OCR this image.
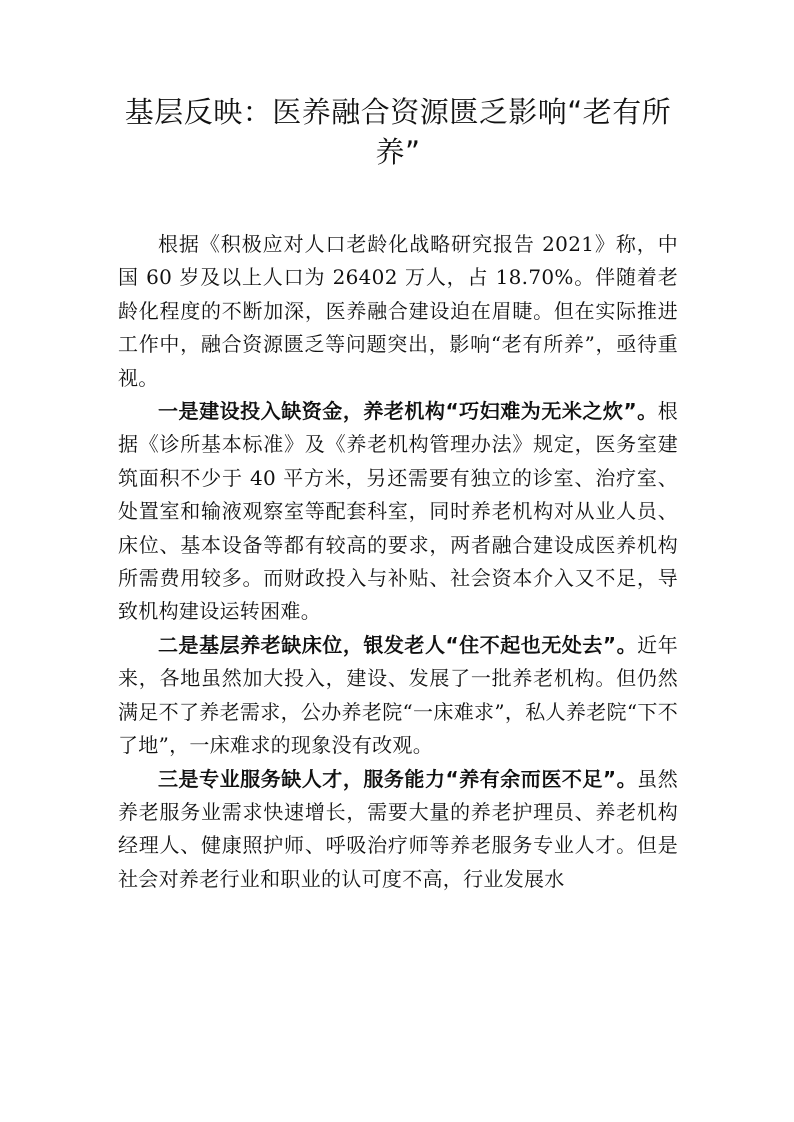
基层反映：医养融合资源匮乏影响“老有所养”

根据《积极应对人口老龄化战略研究报告 2021》称，中国 60 岁及以上人口为 26402 万人，占 18.70%。伴随着老龄化程度的不断加深，医养融合建设迫在眉睫。但在实际推进工作中，融合资源匮乏等问题突出，影响“老有所养”，亟待重视。

一是建设投入缺资金，养老机构“巧妇难为无米之炊”。根据《诊所基本标准》及《养老机构管理办法》规定，医务室建筑面积不少于 40 平方米，另还需要有独立的诊室、治疗室、处置室和输液观察室等配套科室，同时养老机构对从业人员、床位、基本设备等都有较高的要求，两者融合建设成医养机构所需费用较多。而财政投入与补贴、社会资本介入又不足，导致机构建设运转困难。

二是基层养老缺床位，银发老人“住不起也无处去”。近年来，各地虽然加大投入，建设、发展了一批养老机构。但仍然满足不了养老需求，公办养老院“一床难求”，私人养老院“下不了地”，一床难求的现象没有改观。

三是专业服务缺人才，服务能力“养有余而医不足”。虽然养老服务业需求快速增长，需要大量的养老护理员、养老机构经理人、健康照护师、呼吸治疗师等养老服务专业人才。但是社会对养老行业和职业的认可度不高，行业发展水
